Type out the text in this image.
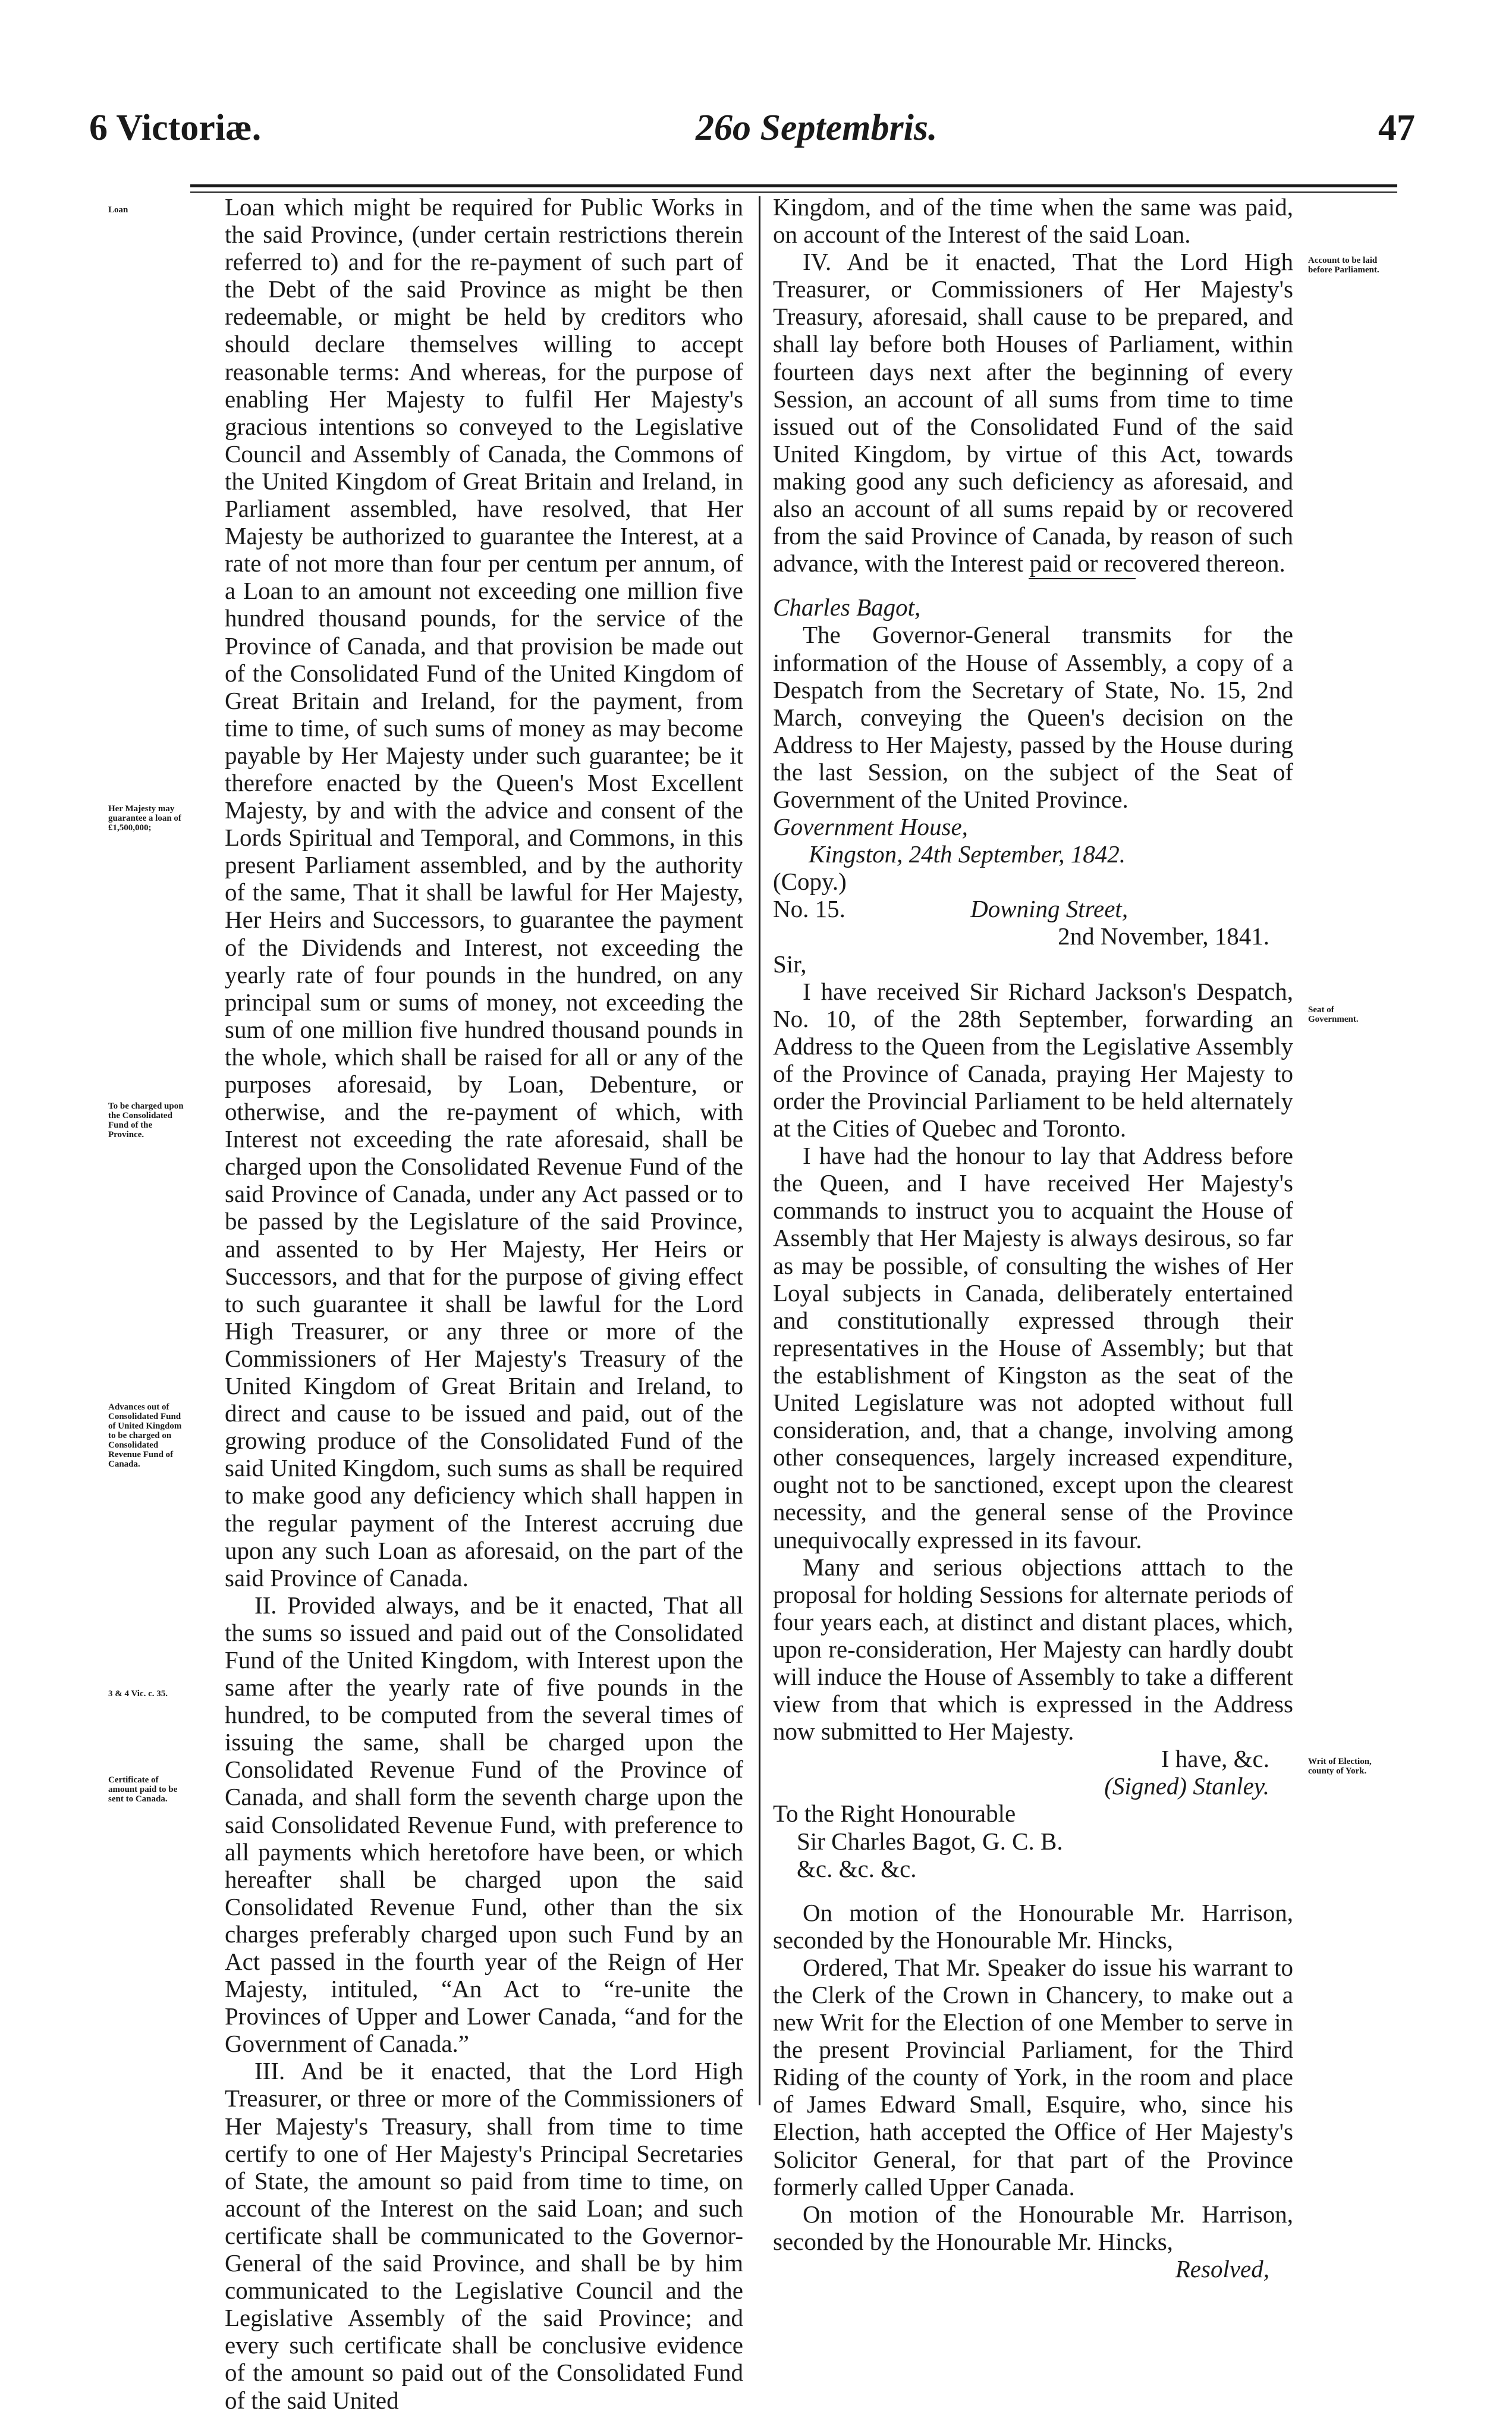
6 Victoriæ.	26o Septembris.	47
Loan
Her Majesty may guarantee a loan of £1,500,000;
To be charged upon the Consolidated Fund of the Province.
Advances out of Consolidated Fund of United Kingdom to be charged on Consolidated Revenue Fund of Canada.
3 & 4 Vic. c. 35.
Certificate of amount paid to be sent to Canada.
Account to be laid before Parliament.
Seat of Government.
Writ of Election, county of York.

Loan which might be required for Public Works in the said Province, (under certain restrictions therein referred to) and for the re-payment of such part of the Debt of the said Province as might be then redeemable, or might be held by creditors who should declare themselves willing to accept reasonable terms: And whereas, for the purpose of enabling Her Majesty to fulfil Her Majesty's gracious intentions so conveyed to the Legislative Council and Assembly of Canada, the Commons of the United Kingdom of Great Britain and Ireland, in Parliament assembled, have resolved, that Her Majesty be authorized to guarantee the Interest, at a rate of not more than four per centum per annum, of a Loan to an amount not exceeding one million five hundred thousand pounds, for the service of the Province of Canada, and that provision be made out of the Consolidated Fund of the United Kingdom of Great Britain and Ireland, for the payment, from time to time, of such sums of money as may become payable by Her Majesty under such guarantee; be it therefore enacted by the Queen's Most Excellent Majesty, by and with the advice and consent of the Lords Spiritual and Temporal, and Commons, in this present Parliament assembled, and by the authority of the same, That it shall be lawful for Her Majesty, Her Heirs and Successors, to guarantee the payment of the Dividends and Interest, not exceeding the yearly rate of four pounds in the hundred, on any principal sum or sums of money, not exceeding the sum of one million five hundred thousand pounds in the whole, which shall be raised for all or any of the purposes aforesaid, by Loan, Debenture, or otherwise, and the re-payment of which, with Interest not exceeding the rate aforesaid, shall be charged upon the Consolidated Revenue Fund of the said Province of Canada, under any Act passed or to be passed by the Legislature of the said Province, and assented to by Her Majesty, Her Heirs or Successors, and that for the purpose of giving effect to such guarantee it shall be lawful for the Lord High Treasurer, or any three or more of the Commissioners of Her Majesty's Treasury of the United Kingdom of Great Britain and Ireland, to direct and cause to be issued and paid, out of the growing produce of the Consolidated Fund of the said United Kingdom, such sums as shall be required to make good any deficiency which shall happen in the regular payment of the Interest accruing due upon any such Loan as aforesaid, on the part of the said Province of Canada.

II. Provided always, and be it enacted, That all the sums so issued and paid out of the Consolidated Fund of the United Kingdom, with Interest upon the same after the yearly rate of five pounds in the hundred, to be computed from the several times of issuing the same, shall be charged upon the Consolidated Revenue Fund of the Province of Canada, and shall form the seventh charge upon the said Consolidated Revenue Fund, with preference to all payments which heretofore have been, or which hereafter shall be charged upon the said Consolidated Revenue Fund, other than the six charges preferably charged upon such Fund by an Act passed in the fourth year of the Reign of Her Majesty, intituled, “An Act to “re-unite the Provinces of Upper and Lower Canada, “and for the Government of Canada.”

III. And be it enacted, that the Lord High Treasurer, or three or more of the Commissioners of Her Majesty's Treasury, shall from time to time certify to one of Her Majesty's Principal Secretaries of State, the amount so paid from time to time, on account of the Interest on the said Loan; and such certificate shall be communicated to the Governor-General of the said Province, and shall be by him communicated to the Legislative Council and the Legislative Assembly of the said Province; and every such certificate shall be conclusive evidence of the amount so paid out of the Consolidated Fund of the said United

Kingdom, and of the time when the same was paid, on account of the Interest of the said Loan.

IV. And be it enacted, That the Lord High Treasurer, or Commissioners of Her Majesty's Treasury, aforesaid, shall cause to be prepared, and shall lay before both Houses of Parliament, within fourteen days next after the beginning of every Session, an account of all sums from time to time issued out of the Consolidated Fund of the said United Kingdom, by virtue of this Act, towards making good any such deficiency as aforesaid, and also an account of all sums repaid by or recovered from the said Province of Canada, by reason of such advance, with the Interest paid or recovered thereon.

Charles Bagot,

The Governor-General transmits for the information of the House of Assembly, a copy of a Despatch from the Secretary of State, No. 15, 2nd March, conveying the Queen's decision on the Address to Her Majesty, passed by the House during the last Session, on the subject of the Seat of Government of the United Province.

Government House,

Kingston, 24th September, 1842.

(Copy.)

No. 15.	Downing Street,

2nd November, 1841.

Sir,

I have received Sir Richard Jackson's Despatch, No. 10, of the 28th September, forwarding an Address to the Queen from the Legislative Assembly of the Province of Canada, praying Her Majesty to order the Provincial Parliament to be held alternately at the Cities of Quebec and Toronto.

I have had the honour to lay that Address before the Queen, and I have received Her Majesty's commands to instruct you to acquaint the House of Assembly that Her Majesty is always desirous, so far as may be possible, of consulting the wishes of Her Loyal subjects in Canada, deliberately entertained and constitutionally expressed through their representatives in the House of Assembly; but that the establishment of Kingston as the seat of the United Legislature was not adopted without full consideration, and, that a change, involving among other consequences, largely increased expenditure, ought not to be sanctioned, except upon the clearest necessity, and the general sense of the Province unequivocally expressed in its favour.

Many and serious objections atttach to the proposal for holding Sessions for alternate periods of four years each, at distinct and distant places, which, upon re-consideration, Her Majesty can hardly doubt will induce the House of Assembly to take a different view from that which is expressed in the Address now submitted to Her Majesty.

I have, &c.

(Signed) Stanley.

To the Right Honourable

Sir Charles Bagot, G. C. B.

&c. &c. &c.

On motion of the Honourable Mr. Harrison, seconded by the Honourable Mr. Hincks,

Ordered, That Mr. Speaker do issue his warrant to the Clerk of the Crown in Chancery, to make out a new Writ for the Election of one Member to serve in the present Provincial Parliament, for the Third Riding of the county of York, in the room and place of James Edward Small, Esquire, who, since his Election, hath accepted the Office of Her Majesty's Solicitor General, for that part of the Province formerly called Upper Canada.

On motion of the Honourable Mr. Harrison, seconded by the Honourable Mr. Hincks,

Resolved,
